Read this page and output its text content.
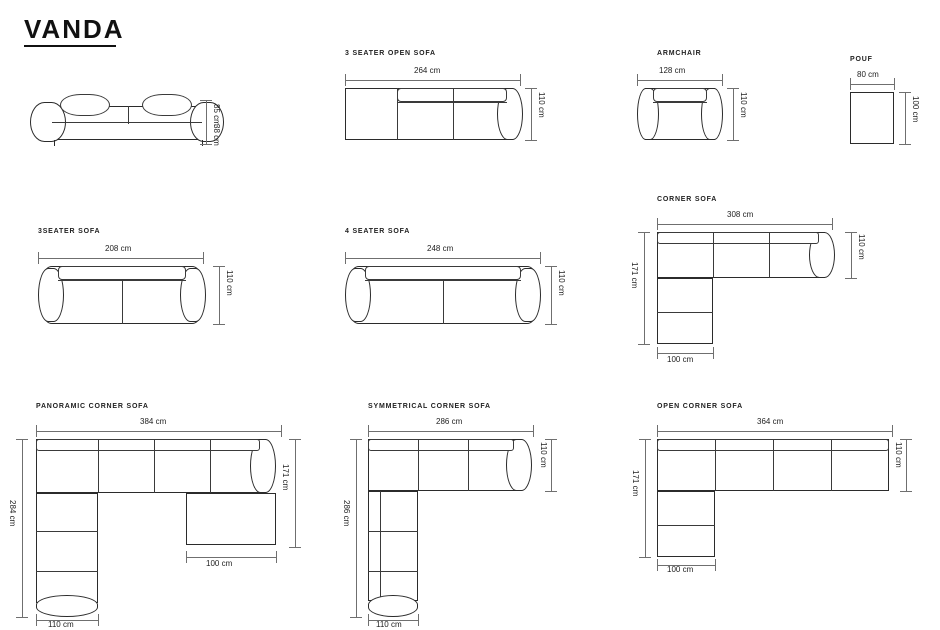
VANDA
85 cm
38 cm
3 SEATER OPEN SOFA
264 cm
110 cm
ARMCHAIR
128 cm
110 cm
POUF
80 cm
100 cm
3SEATER SOFA
208 cm
110 cm
4 SEATER SOFA
248 cm
110 cm
CORNER SOFA
308 cm
110 cm
171 cm
100 cm
PANORAMIC CORNER SOFA
384 cm
171 cm
284 cm
100 cm
110 cm
SYMMETRICAL CORNER SOFA
286 cm
110 cm
286 cm
110 cm
OPEN CORNER SOFA
364 cm
110 cm
171 cm
100 cm
